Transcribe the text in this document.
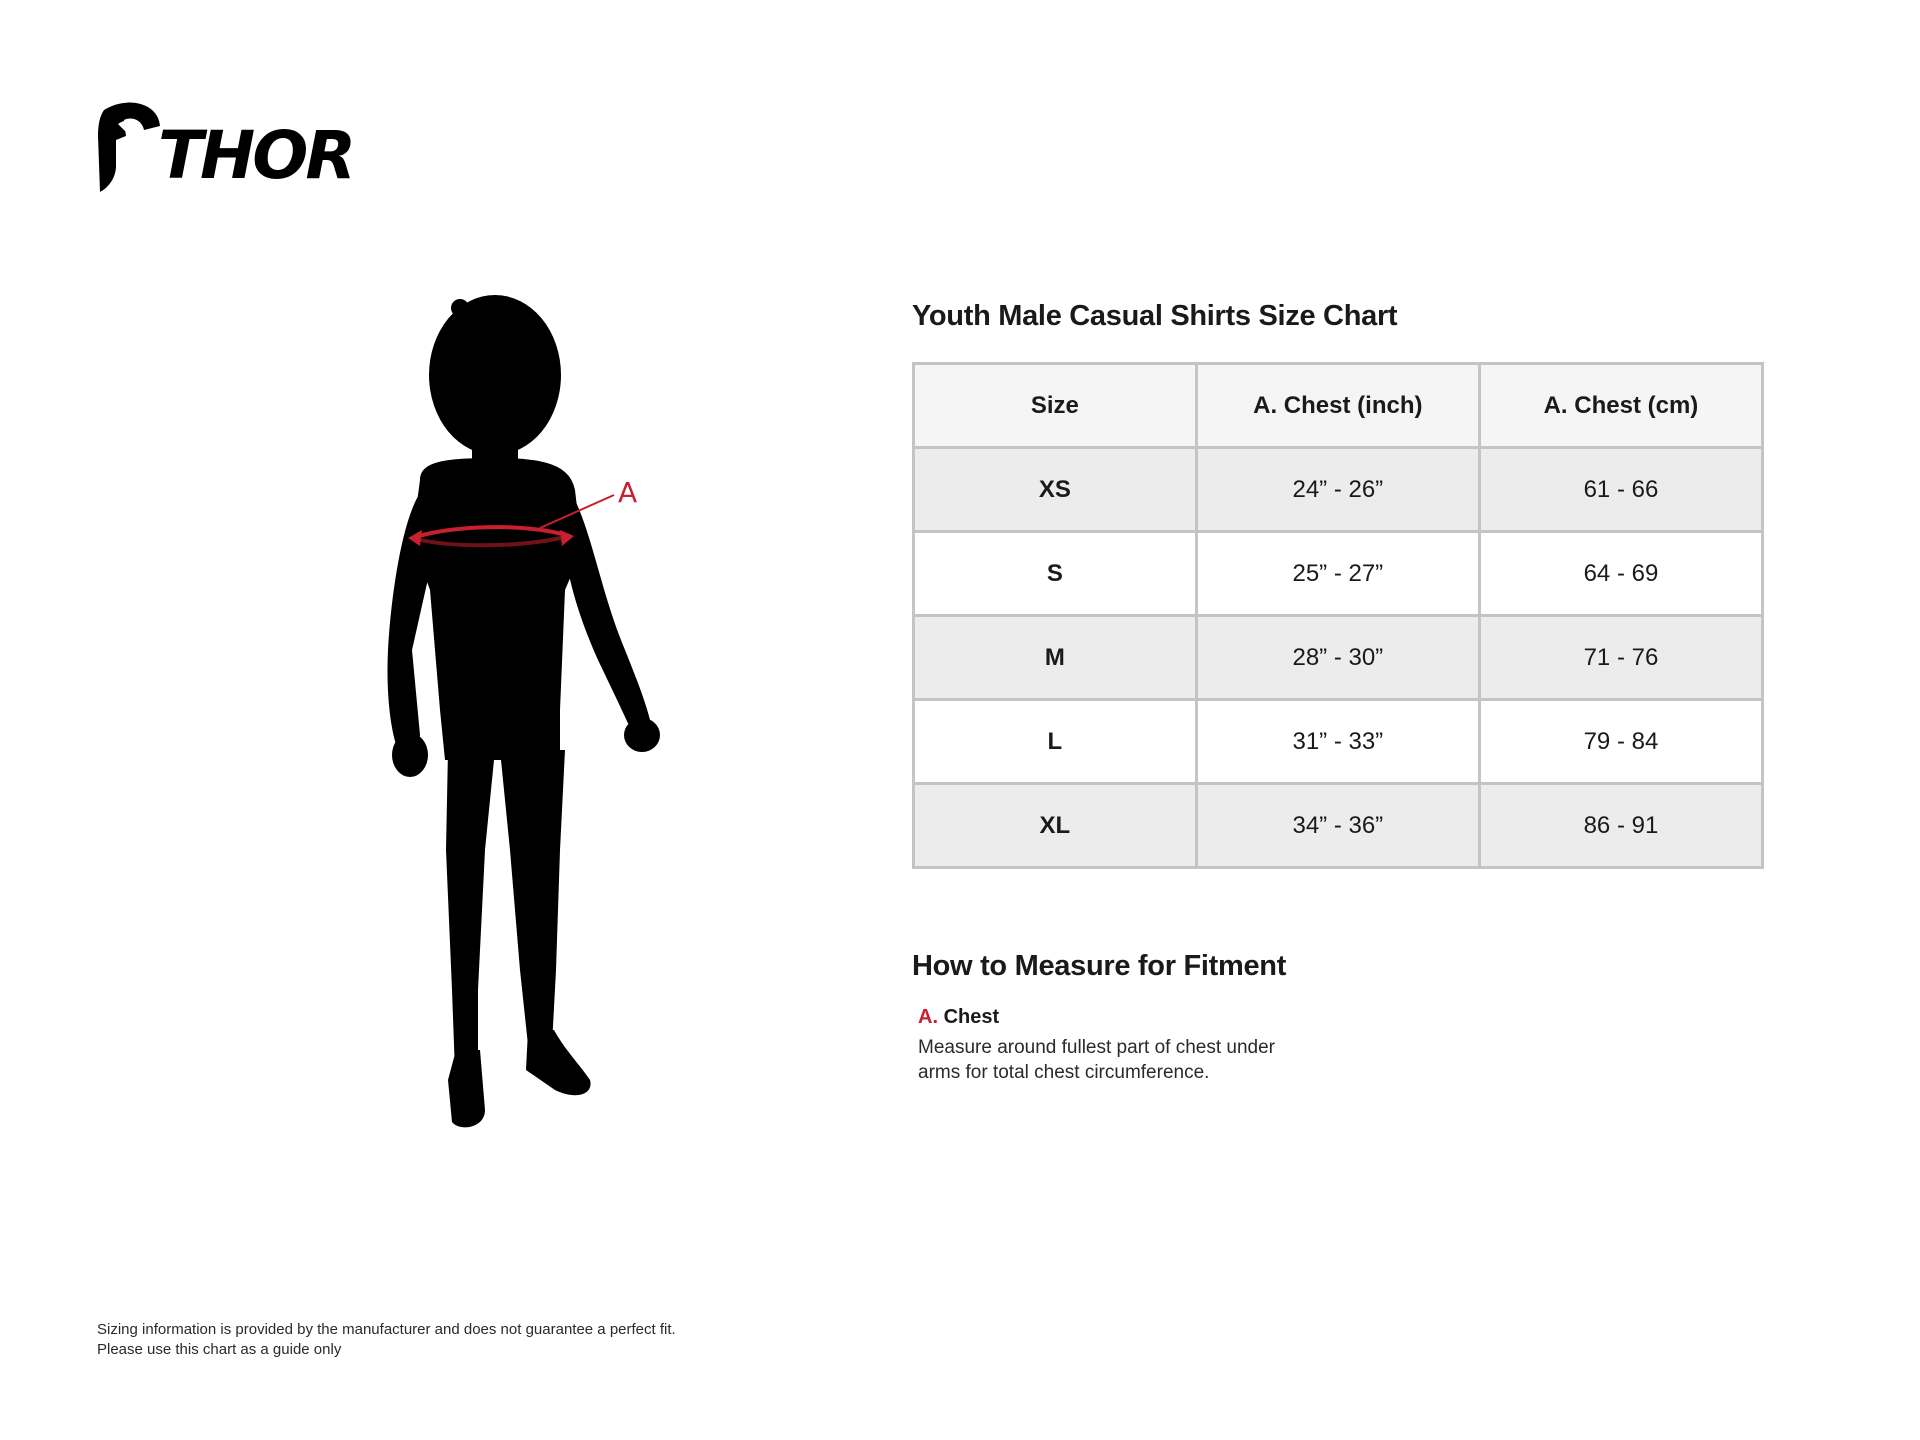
THOR
A
Youth Male Casual Shirts Size Chart
Size	A. Chest (inch)	A. Chest (cm)
XS	24” - 26”	61 - 66
S	25” - 27”	64 - 69
M	28” - 30”	71 - 76
L	31” - 33”	79 - 84
XL	34” - 36”	86 - 91
How to Measure for Fitment
A. Chest
Measure around fullest part of chest under
arms for total chest circumference.
Sizing information is provided by the manufacturer and does not guarantee a perfect fit.
Please use this chart as a guide only
